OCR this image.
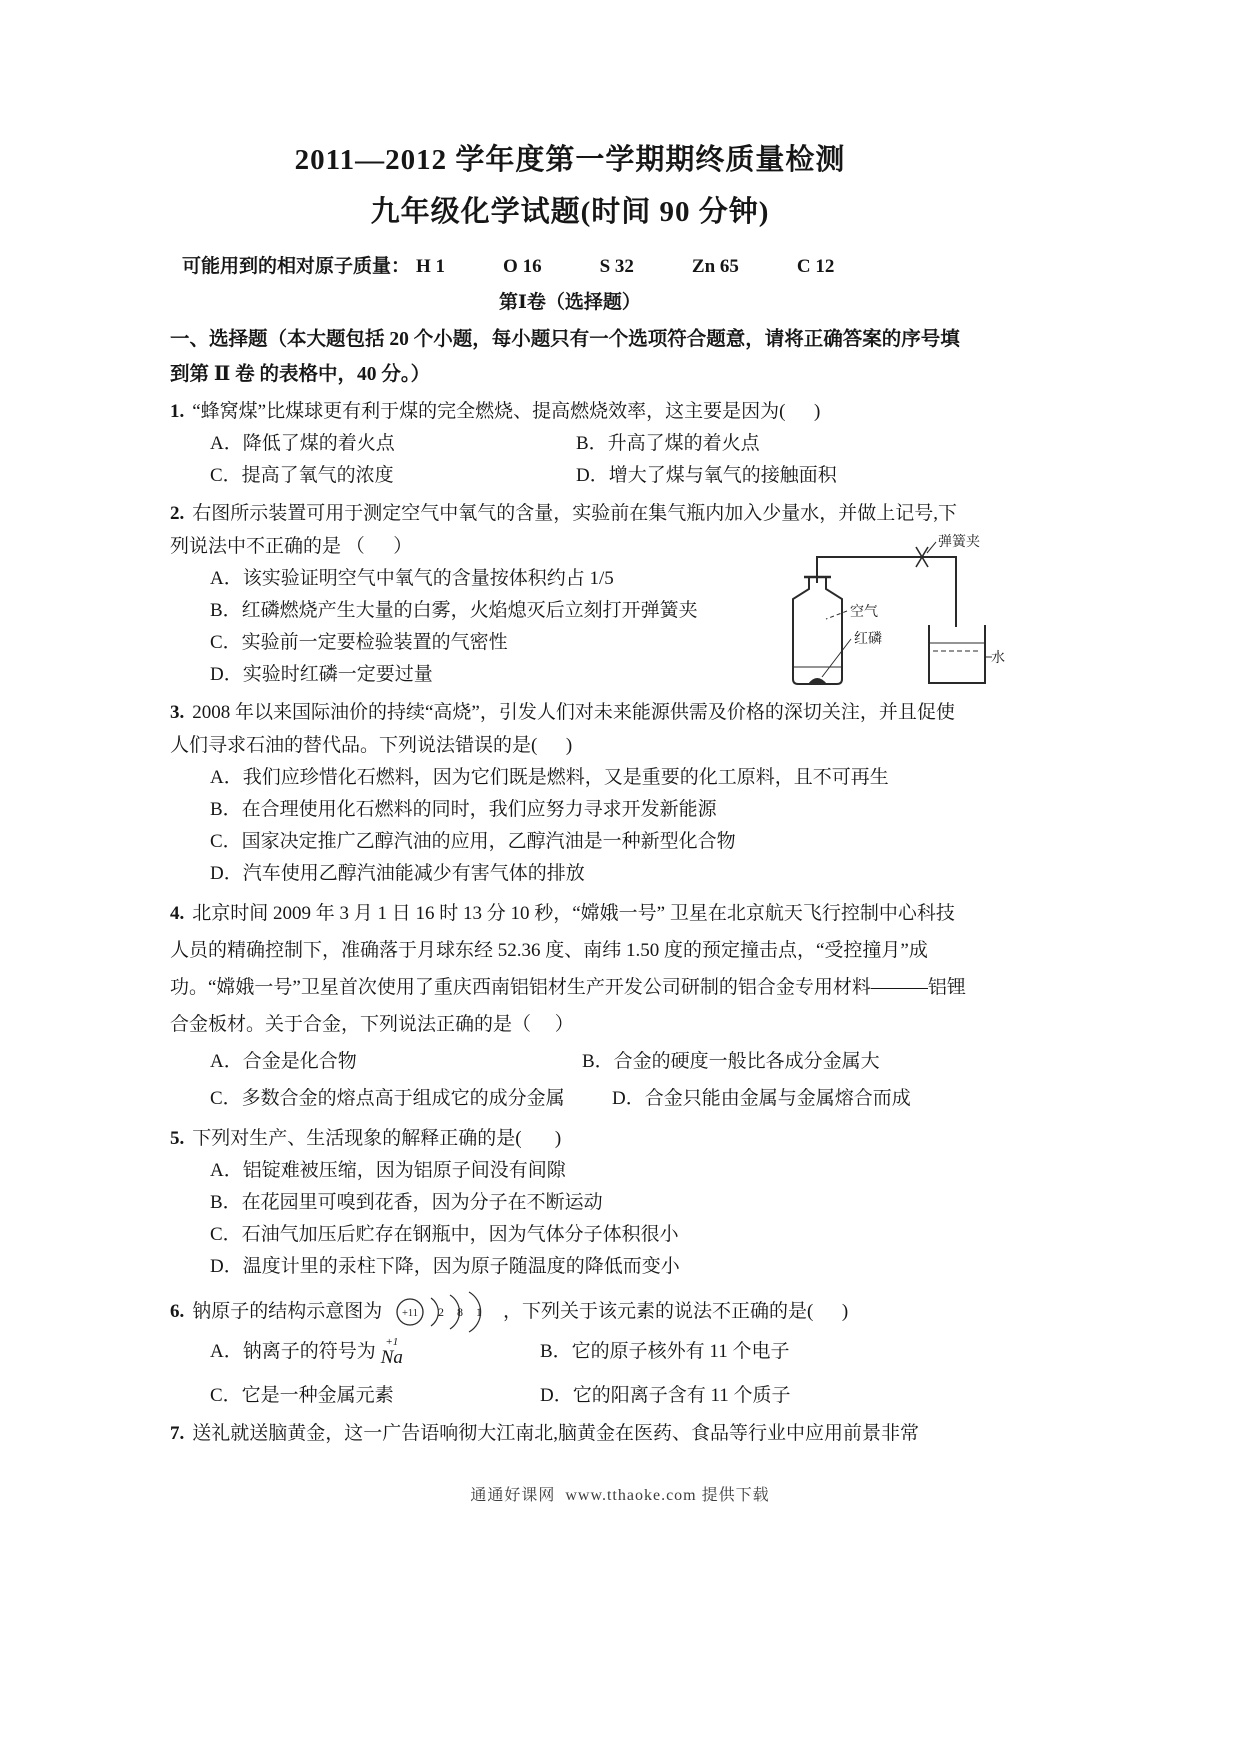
2011—2012 学年度第一学期期终质量检测
九年级化学试题(时间 90 分钟)
可能用到的相对原子质量： H 1	O 16	S 32	Zn 65	C 12
第Ⅰ卷（选择题）
一、选择题（本大题包括 20 个小题，每小题只有一个选项符合题意，请将正确答案的序号填到第 Ⅱ 卷 的表格中，40 分。）

1. “蜂窝煤”比煤球更有利于煤的完全燃烧、提高燃烧效率，这主要是因为(      )

A．降低了煤的着火点	B．升高了煤的着火点
C．提高了氧气的浓度	D．增大了煤与氧气的接触面积

2. 右图所示装置可用于测定空气中氧气的含量，实验前在集气瓶内加入少量水，并做上记号,下列说法中不正确的是 （      ）

A．该实验证明空气中氧气的含量按体积约占 1/5
B．红磷燃烧产生大量的白雾，火焰熄灭后立刻打开弹簧夹
C．实验前一定要检验装置的气密性
D．实验时红磷一定要过量
弹簧夹
空气
红磷
水

3. 2008 年以来国际油价的持续“高烧”，引发人们对未来能源供需及价格的深切关注，并且促使人们寻求石油的替代品。下列说法错误的是(      )

A．我们应珍惜化石燃料，因为它们既是燃料，又是重要的化工原料，且不可再生
B．在合理使用化石燃料的同时，我们应努力寻求开发新能源
C．国家决定推广乙醇汽油的应用，乙醇汽油是一种新型化合物
D．汽车使用乙醇汽油能减少有害气体的排放

4. 北京时间 2009 年 3 月 1 日 16 时 13 分 10 秒，“嫦娥一号” 卫星在北京航天飞行控制中心科技人员的精确控制下，准确落于月球东经 52.36 度、南纬 1.50 度的预定撞击点，“受控撞月”成功。“嫦娥一号”卫星首次使用了重庆西南铝铝材生产开发公司研制的铝合金专用材料———铝锂合金板材。关于合金，下列说法正确的是（     ）

A．合金是化合物	B．合金的硬度一般比各成分金属大
C．多数合金的熔点高于组成它的成分金属	D．合金只能由金属与金属熔合而成

5. 下列对生产、生活现象的解释正确的是(       )

A．铝锭难被压缩，因为铝原子间没有间隙
B．在花园里可嗅到花香，因为分子在不断运动
C．石油气加压后贮存在钢瓶中，因为气体分子体积很小
D．温度计里的汞柱下降，因为原子随温度的降低而变小
6. 钠原子的结构示意图为 +11 2 8 1 ，下列关于该元素的说法不正确的是(      )
A．钠离子的符号为 +1
Na	B．它的原子核外有 11 个电子
C．它是一种金属元素	D．它的阳离子含有 11 个质子

7. 送礼就送脑黄金，这一广告语响彻大江南北,脑黄金在医药、食品等行业中应用前景非常

通通好课网  www.tthaoke.com 提供下载
